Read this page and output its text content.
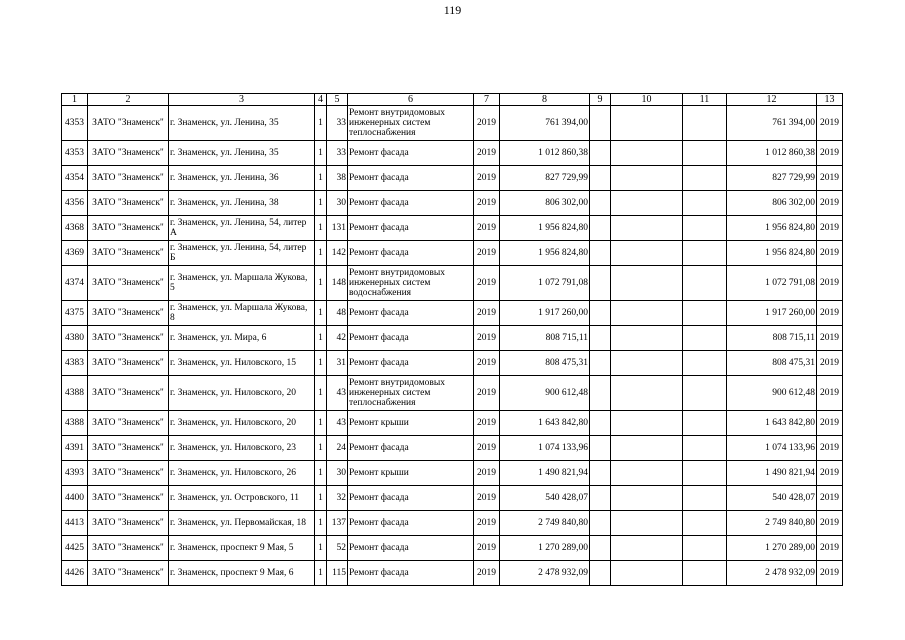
119
1	2	3	4	5	6	7	8	9	10	11	12	13
4353	ЗАТО "Знаменск"	г. Знаменск, ул. Ленина, 35	1	33	Ремонт внутридомовых инженерных систем теплоснабжения	2019	761 394,00				761 394,00	2019
4353	ЗАТО "Знаменск"	г. Знаменск, ул. Ленина, 35	1	33	Ремонт фасада	2019	1 012 860,38				1 012 860,38	2019
4354	ЗАТО "Знаменск"	г. Знаменск, ул. Ленина, 36	1	38	Ремонт фасада	2019	827 729,99				827 729,99	2019
4356	ЗАТО "Знаменск"	г. Знаменск, ул. Ленина, 38	1	30	Ремонт фасада	2019	806 302,00				806 302,00	2019
4368	ЗАТО "Знаменск"	г. Знаменск, ул. Ленина, 54, литер А	1	131	Ремонт фасада	2019	1 956 824,80				1 956 824,80	2019
4369	ЗАТО "Знаменск"	г. Знаменск, ул. Ленина, 54, литер Б	1	142	Ремонт фасада	2019	1 956 824,80				1 956 824,80	2019
4374	ЗАТО "Знаменск"	г. Знаменск, ул. Маршала Жукова, 5	1	148	Ремонт внутридомовых инженерных систем водоснабжения	2019	1 072 791,08				1 072 791,08	2019
4375	ЗАТО "Знаменск"	г. Знаменск, ул. Маршала Жукова, 8	1	48	Ремонт фасада	2019	1 917 260,00				1 917 260,00	2019
4380	ЗАТО "Знаменск"	г. Знаменск, ул. Мира, 6	1	42	Ремонт фасада	2019	808 715,11				808 715,11	2019
4383	ЗАТО "Знаменск"	г. Знаменск, ул. Ниловского, 15	1	31	Ремонт фасада	2019	808 475,31				808 475,31	2019
4388	ЗАТО "Знаменск"	г. Знаменск, ул. Ниловского, 20	1	43	Ремонт внутридомовых инженерных систем теплоснабжения	2019	900 612,48				900 612,48	2019
4388	ЗАТО "Знаменск"	г. Знаменск, ул. Ниловского, 20	1	43	Ремонт крыши	2019	1 643 842,80				1 643 842,80	2019
4391	ЗАТО "Знаменск"	г. Знаменск, ул. Ниловского, 23	1	24	Ремонт фасада	2019	1 074 133,96				1 074 133,96	2019
4393	ЗАТО "Знаменск"	г. Знаменск, ул. Ниловского, 26	1	30	Ремонт крыши	2019	1 490 821,94				1 490 821,94	2019
4400	ЗАТО "Знаменск"	г. Знаменск, ул. Островского, 11	1	32	Ремонт фасада	2019	540 428,07				540 428,07	2019
4413	ЗАТО "Знаменск"	г. Знаменск, ул. Первомайская, 18	1	137	Ремонт фасада	2019	2 749 840,80				2 749 840,80	2019
4425	ЗАТО "Знаменск"	г. Знаменск, проспект 9 Мая, 5	1	52	Ремонт фасада	2019	1 270 289,00				1 270 289,00	2019
4426	ЗАТО "Знаменск"	г. Знаменск, проспект 9 Мая, 6	1	115	Ремонт фасада	2019	2 478 932,09				2 478 932,09	2019
